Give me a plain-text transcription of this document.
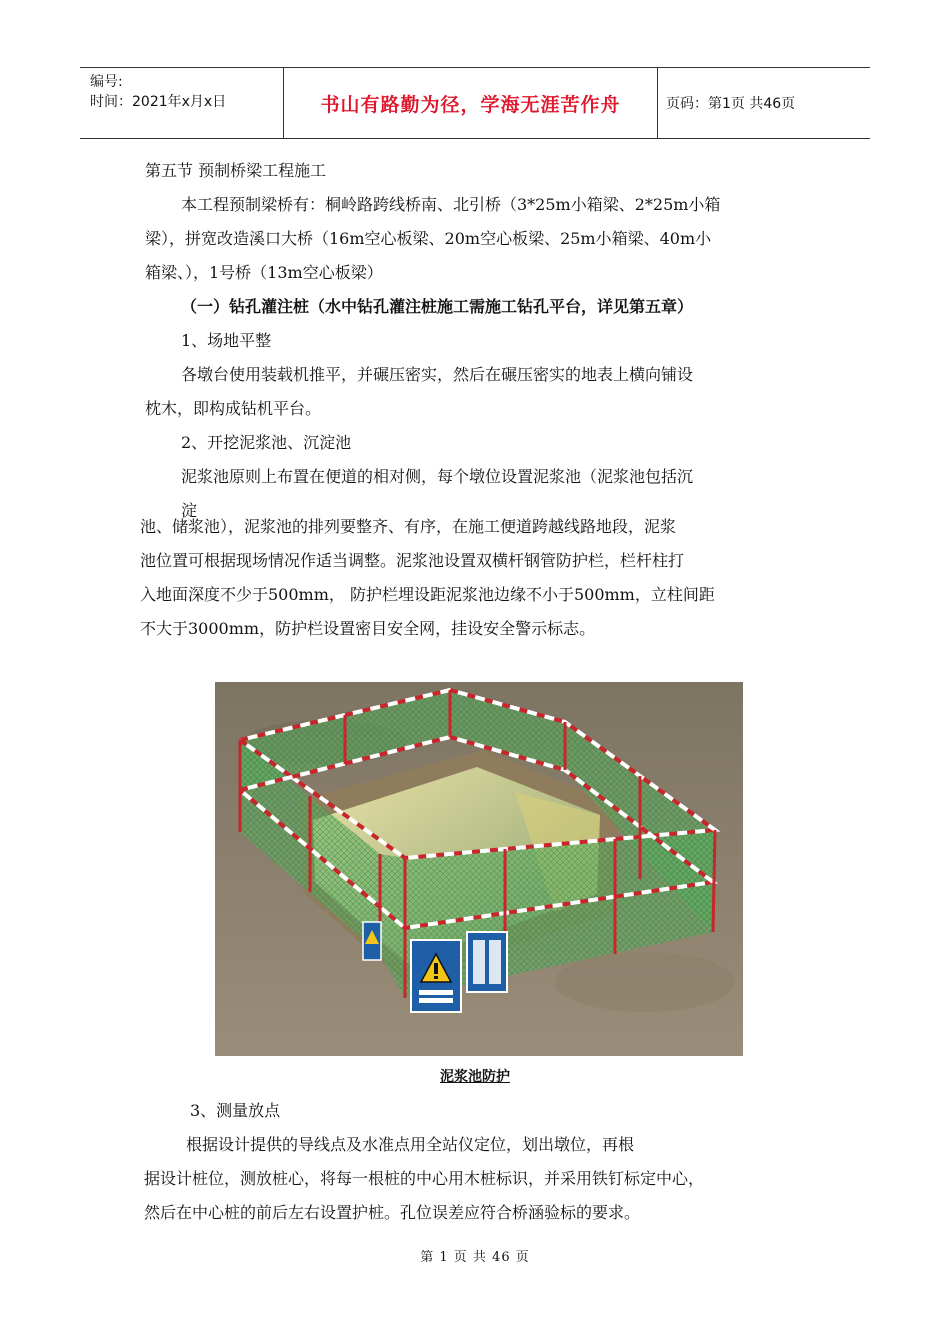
编号:
时间：2021年x月x日	书山有路勤为径，学海无涯苦作舟	页码：第1页 共46页

第五节 预制桥梁工程施工

本工程预制梁桥有：桐岭路跨线桥南、北引桥（3*25m小箱梁、2*25m小箱

梁），拼宽改造溪口大桥（16m空心板梁、20m空心板梁、25m小箱梁、40m小

箱梁、），1号桥（13m空心板梁）

（一）钻孔灌注桩（水中钻孔灌注桩施工需施工钻孔平台，详见第五章）

1、场地平整

各墩台使用装载机推平，并碾压密实，然后在碾压密实的地表上横向铺设

枕木，即构成钻机平台。

2、开挖泥浆池、沉淀池

泥浆池原则上布置在便道的相对侧，每个墩位设置泥浆池（泥浆池包括沉

淀

池、储浆池），泥浆池的排列要整齐、有序，在施工便道跨越线路地段，泥浆

池位置可根据现场情况作适当调整。泥浆池设置双横杆钢管防护栏，栏杆柱打

入地面深度不少于500mm， 防护栏埋设距泥浆池边缘不小于500mm，立柱间距

不大于3000mm，防护栏设置密目安全网，挂设安全警示标志。

泥浆池防护

3、测量放点

根据设计提供的导线点及水准点用全站仪定位，划出墩位，再根

据设计桩位，测放桩心，将每一根桩的中心用木桩标识，并采用铁钉标定中心，

然后在中心桩的前后左右设置护桩。孔位误差应符合桥涵验标的要求。

第 1 页 共 46 页
